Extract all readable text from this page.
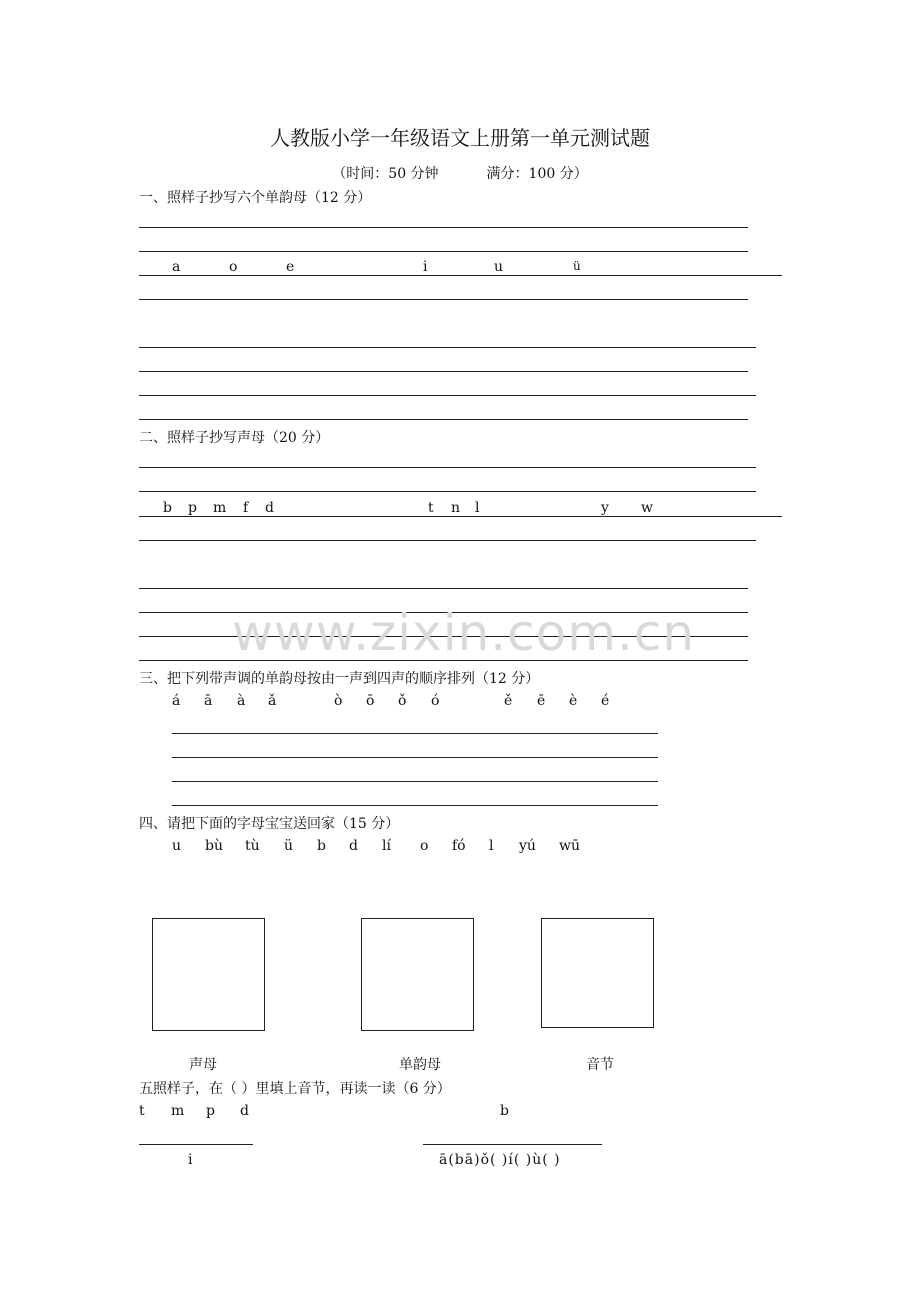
人教版小学一年级语文上册第一单元测试题
（时间：50 分钟	满分：100 分）
一、照样子抄写六个单韵母（12 分）
a	o	e	i	u	ü
二、照样子抄写声母（20 分）
b p m f d	t n l	y w
www.zixin.com.cn
三、把下列带声调的单韵母按由一声到四声的顺序排列（12 分）
á ā à ǎ	ò ō ǒ ó	ě ē è é
四、请把下面的字母宝宝送回家（15 分）
u bù tù ü b d lí o fó l yú wū
声母	单韵母	音节
五照样子，在（ ）里填上音节，再读一读（6 分）
t m p d	b
i	ā(bā)ǒ( )í( )ù( )
